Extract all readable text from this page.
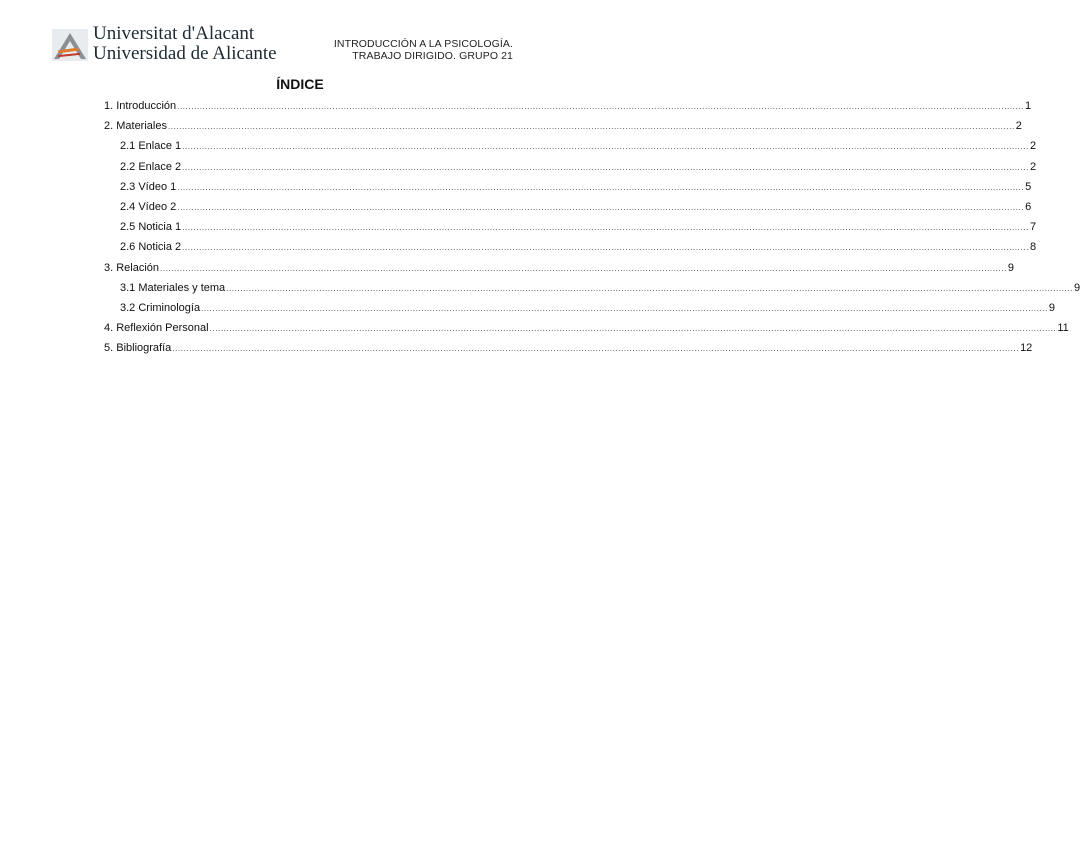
Universitat d'Alacant
Universidad de Alicante	INTRODUCCIÓN A LA PSICOLOGÍA.
TRABAJO DIRIGIDO. GRUPO 21
ÍNDICE
1. Introducción ............................................................................................................................................................................................................................................................................................................ 1
2. Materiales ............................................................................................................................................................................................................................................................................................................ 2
2.1 Enlace 1 ............................................................................................................................................................................................................................................................................................................ 2
2.2 Enlace 2 ............................................................................................................................................................................................................................................................................................................ 2
2.3 Vídeo 1 ............................................................................................................................................................................................................................................................................................................ 5
2.4 Vídeo 2 ............................................................................................................................................................................................................................................................................................................ 6
2.5 Noticia 1 ............................................................................................................................................................................................................................................................................................................ 7
2.6 Noticia 2 ............................................................................................................................................................................................................................................................................................................ 8
3. Relación ............................................................................................................................................................................................................................................................................................................ 9
3.1 Materiales y tema ............................................................................................................................................................................................................................................................................................................ 9
3.2 Criminología ............................................................................................................................................................................................................................................................................................................ 9
4. Reflexión Personal ............................................................................................................................................................................................................................................................................................................ 11
5. Bibliografía ............................................................................................................................................................................................................................................................................................................ 12
